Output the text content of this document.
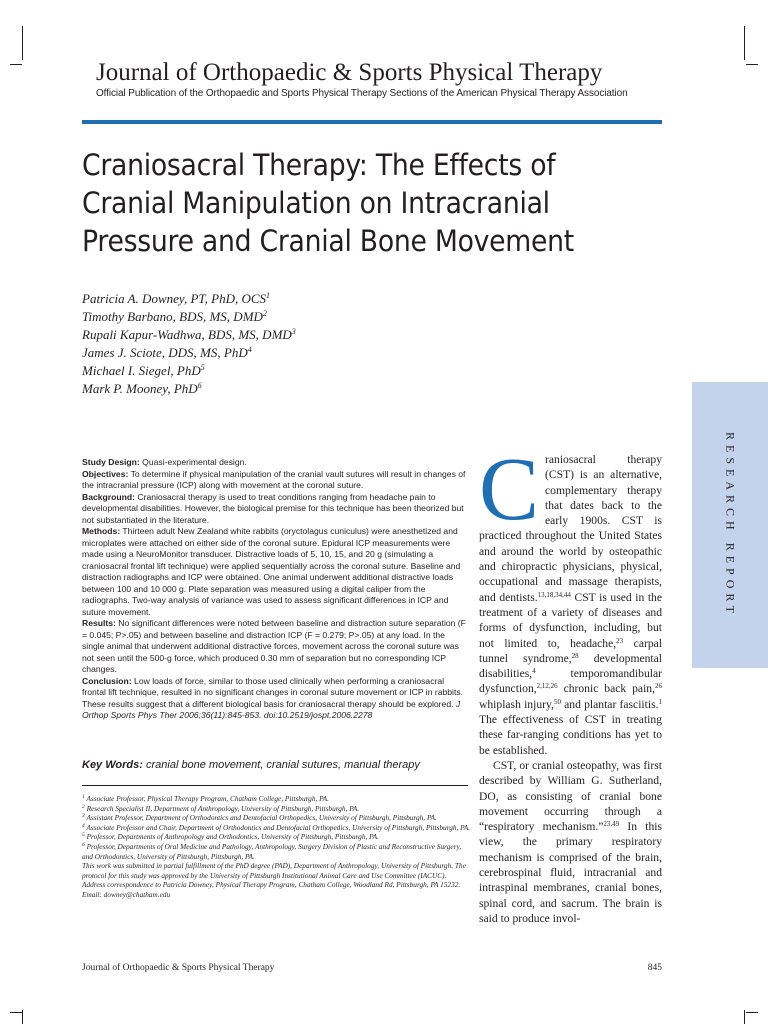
Journal of Orthopaedic & Sports Physical Therapy
Official Publication of the Orthopaedic and Sports Physical Therapy Sections of the American Physical Therapy Association
Craniosacral Therapy: The Effects of Cranial Manipulation on Intracranial Pressure and Cranial Bone Movement
Patricia A. Downey, PT, PhD, OCS$^1$
Timothy Barbano, BDS, MS, DMD$^2$
Rupali Kapur-Wadhwa, BDS, MS, DMD$^3$
James J. Sciote, DDS, MS, PhD$^4$
Michael I. Siegel, PhD$^5$
Mark P. Mooney, PhD$^6$
RESEARCH REPORT

Study Design: Quasi-experimental design.

Objectives: To determine if physical manipulation of the cranial vault sutures will result in changes of the intracranial pressure (ICP) along with movement at the coronal suture.

Background: Craniosacral therapy is used to treat conditions ranging from headache pain to developmental disabilities. However, the biological premise for this technique has been theorized but not substantiated in the literature.

Methods: Thirteen adult New Zealand white rabbits (oryctolagus cuniculus) were anesthetized and microplates were attached on either side of the coronal suture. Epidural ICP measurements were made using a NeuroMonitor transducer. Distractive loads of 5, 10, 15, and 20 g (simulating a craniosacral frontal lift technique) were applied sequentially across the coronal suture. Baseline and distraction radiographs and ICP were obtained. One animal underwent additional distractive loads between 100 and 10 000 g. Plate separation was measured using a digital caliper from the radiographs. Two-way analysis of variance was used to assess significant differences in ICP and suture movement.

Results: No significant differences were noted between baseline and distraction suture separation (F = 0.045; P>.05) and between baseline and distraction ICP (F = 0.279; P>.05) at any load. In the single animal that underwent additional distractive forces, movement across the coronal suture was not seen until the 500-g force, which produced 0.30 mm of separation but no corresponding ICP changes.

Conclusion: Low loads of force, similar to those used clinically when performing a craniosacral frontal lift technique, resulted in no significant changes in coronal suture movement or ICP in rabbits. These results suggest that a different biological basis for craniosacral therapy should be explored. J Orthop Sports Phys Ther 2006;36(11):845-853. doi:10.2519/jospt.2006.2278

Key Words: cranial bone movement, cranial sutures, manual therapy

$^1$ Associate Professor, Physical Therapy Program, Chatham College, Pittsburgh, PA.

$^2$ Research Specialist II, Department of Anthropology, University of Pittsburgh, Pittsburgh, PA.

$^3$ Assistant Professor, Department of Orthodontics and Dentofacial Orthopedics, University of Pittsburgh, Pittsburgh, PA.

$^4$ Associate Professor and Chair, Department of Orthodontics and Dentofacial Orthopedics, University of Pittsburgh, Pittsburgh, PA.

$^5$ Professor, Departments of Anthropology and Orthodontics, University of Pittsburgh, Pittsburgh, PA.

$^6$ Professor, Departments of Oral Medicine and Pathology, Anthropology, Surgery Division of Plastic and Reconstructive Surgery, and Orthodontics, University of Pittsburgh, Pittsburgh, PA.

This work was submitted in partial fulfillment of the PhD degree (PAD), Department of Anthropology, University of Pittsburgh. The protocol for this study was approved by the University of Pittsburgh Institutional Animal Care and Use Committee (IACUC).

Address correspondence to Patricia Downey, Physical Therapy Program, Chatham College, Woodland Rd, Pittsburgh, PA 15232. Email: downey@chatham.edu

Craniosacral therapy (CST) is an alternative, complementary therapy that dates back to the early 1900s. CST is practiced throughout the United States and around the world by osteopathic and chiropractic physicians, physical, occupational and massage therapists, and dentists.$^{13,18,34,44}$ CST is used in the treatment of a variety of diseases and forms of dysfunction, including, but not limited to, headache,$^{23}$ carpal tunnel syndrome,$^{28}$ developmental disabilities,$^4$ temporomandibular dysfunction,$^{2,12,26}$ chronic back pain,$^{26}$ whiplash injury,$^{50}$ and plantar fasciitis.$^1$ The effectiveness of CST in treating these far-ranging conditions has yet to be established.

CST, or cranial osteopathy, was first described by William G. Sutherland, DO, as consisting of cranial bone movement occurring through a “respiratory mechanism.”$^{23,49}$ In this view, the primary respiratory mechanism is comprised of the brain, cerebrospinal fluid, intracranial and intraspinal membranes, cranial bones, spinal cord, and sacrum. The brain is said to produce invol-

Journal of Orthopaedic & Sports Physical Therapy	845
